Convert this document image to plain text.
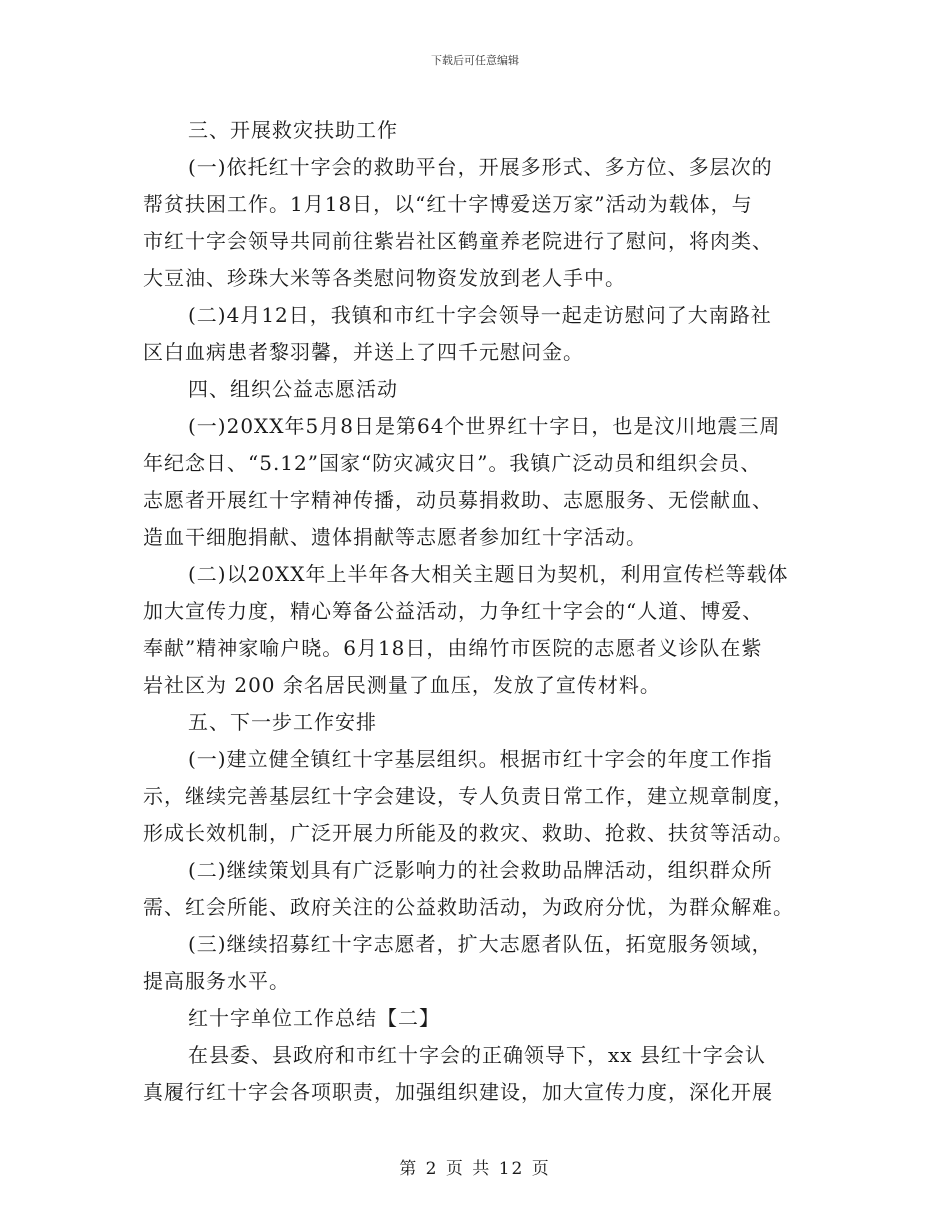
下载后可任意编辑
三、开展救灾扶助工作
(一)依托红十字会的救助平台，开展多形式、多方位、多层次的
帮贫扶困工作。1月18日，以“红十字博爱送万家”活动为载体，与
市红十字会领导共同前往紫岩社区鹤童养老院进行了慰问，将肉类、
大豆油、珍珠大米等各类慰问物资发放到老人手中。
(二)4月12日，我镇和市红十字会领导一起走访慰问了大南路社
区白血病患者黎羽馨，并送上了四千元慰问金。
四、组织公益志愿活动
(一)20XX年5月8日是第64个世界红十字日，也是汶川地震三周
年纪念日、“5.12”国家“防灾减灾日”。我镇广泛动员和组织会员、
志愿者开展红十字精神传播，动员募捐救助、志愿服务、无偿献血、
造血干细胞捐献、遗体捐献等志愿者参加红十字活动。
(二)以20XX年上半年各大相关主题日为契机，利用宣传栏等载体
加大宣传力度，精心筹备公益活动，力争红十字会的“人道、博爱、
奉献”精神家喻户晓。6月18日，由绵竹市医院的志愿者义诊队在紫
岩社区为 200 余名居民测量了血压，发放了宣传材料。
五、下一步工作安排
(一)建立健全镇红十字基层组织。根据市红十字会的年度工作指
示，继续完善基层红十字会建设，专人负责日常工作，建立规章制度，
形成长效机制，广泛开展力所能及的救灾、救助、抢救、扶贫等活动。
(二)继续策划具有广泛影响力的社会救助品牌活动，组织群众所
需、红会所能、政府关注的公益救助活动，为政府分忧，为群众解难。
(三)继续招募红十字志愿者，扩大志愿者队伍，拓宽服务领域，
提高服务水平。
红十字单位工作总结【二】
在县委、县政府和市红十字会的正确领导下，xx 县红十字会认
真履行红十字会各项职责，加强组织建设，加大宣传力度，深化开展
第 2 页 共 12 页
